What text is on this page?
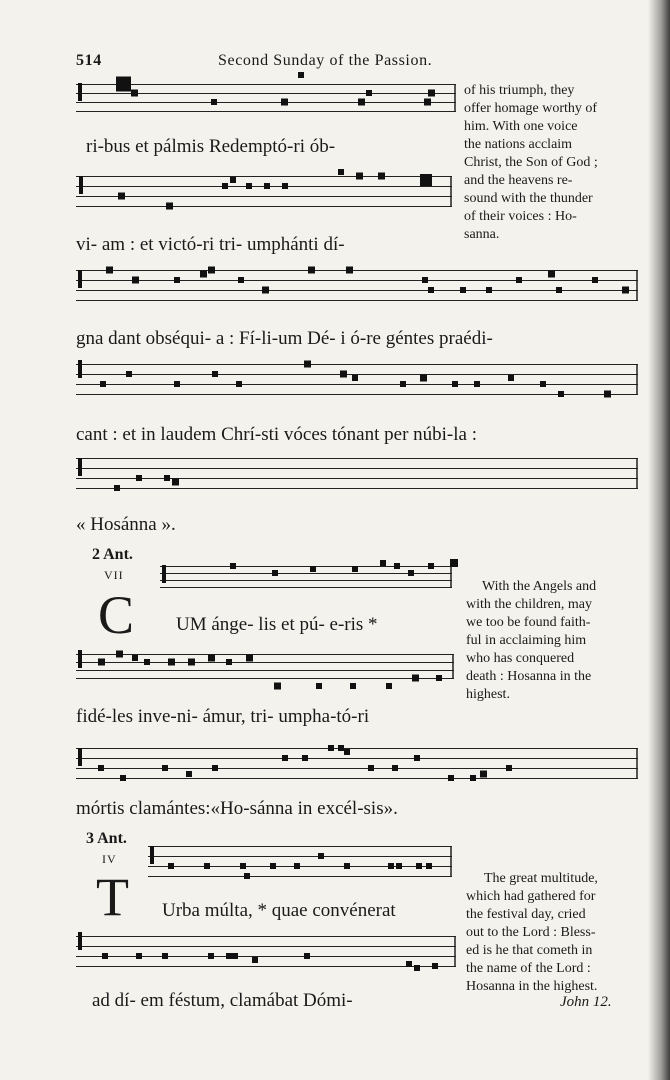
514	Second Sunday of the Passion.
ri-bus et pálmis Redemptó-ri ób-
of his triumph, they
offer homage worthy of
him. With one voice
the nations acclaim
Christ, the Son of God ;
and the heavens re-
sound with the thunder
of their voices : Ho-
sanna.
vi- am : et victó-ri tri- umphánti dí-
gna dant obséqui- a : Fí-li-um Dé- i ó-re géntes praédi-
cant : et in laudem Chrí-sti vóces tónant per núbi-la :
« Hosánna ».
2 Ant.
VII
C UM ánge- lis et pú- e-ris *
With the Angels and
with the children, may
we too be found faith-
ful in acclaiming him
who has conquered
death : Hosanna in the
highest.
fidé-les inve-ni- ámur, tri- umpha-tó-ri
mórtis clamántes:«Ho-sánna in excél-sis».
3 Ant.
IV
T Urba múlta, * quae convénerat
The great multitude,
which had gathered for
the festival day, cried
out to the Lord : Bless-
ed is he that cometh in
the name of the Lord :
Hosanna in the highest.
John 12.
ad dí- em féstum, clamábat Dómi-
